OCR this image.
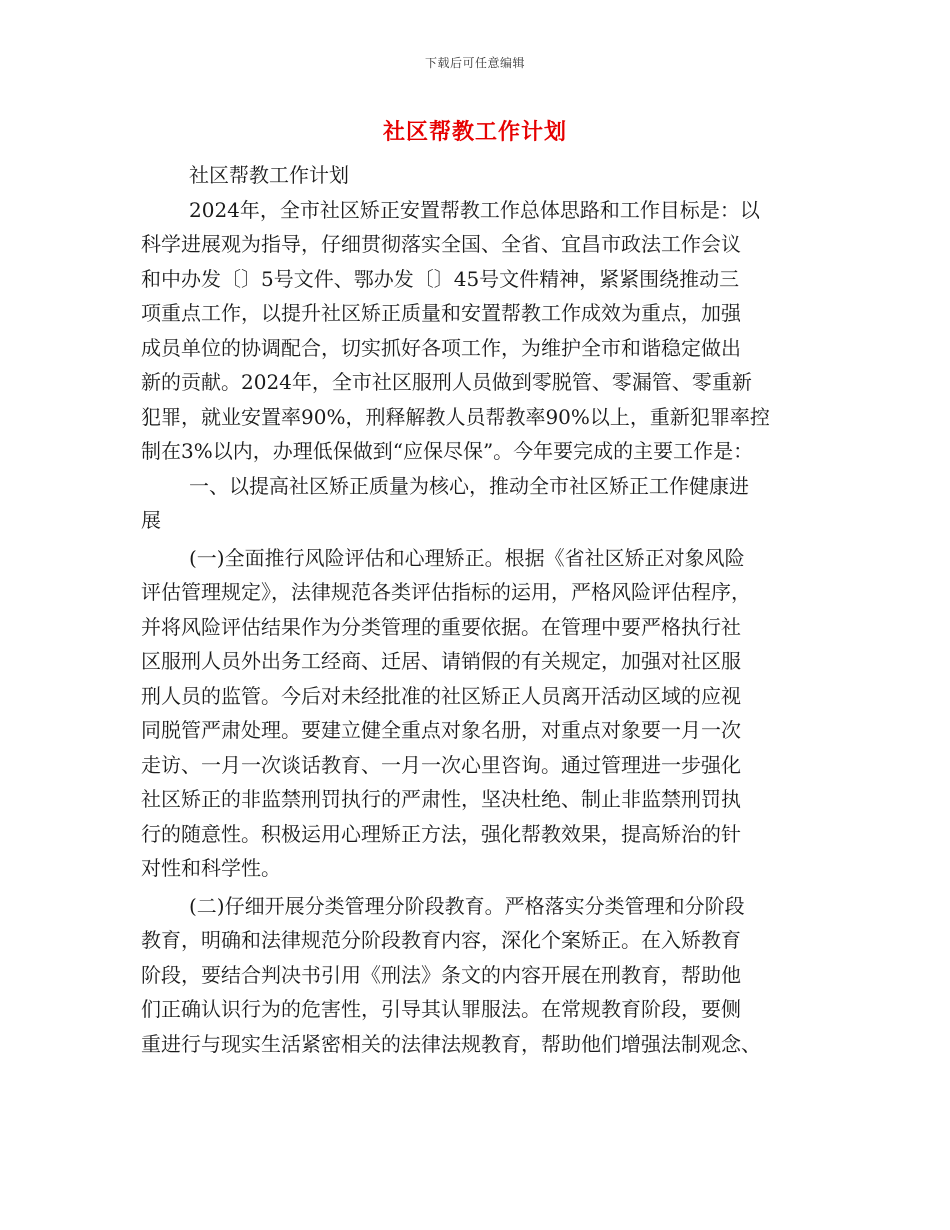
下载后可任意编辑
社区帮教工作计划
社区帮教工作计划
2024年，全市社区矫正安置帮教工作总体思路和工作目标是：以
科学进展观为指导，仔细贯彻落实全国、全省、宜昌市政法工作会议
和中办发〔〕5号文件、鄂办发〔〕45号文件精神，紧紧围绕推动三
项重点工作，以提升社区矫正质量和安置帮教工作成效为重点，加强
成员单位的协调配合，切实抓好各项工作，为维护全市和谐稳定做出
新的贡献。2024年，全市社区服刑人员做到零脱管、零漏管、零重新
犯罪，就业安置率90%，刑释解教人员帮教率90%以上，重新犯罪率控
制在3%以内，办理低保做到“应保尽保”。今年要完成的主要工作是：
一、以提高社区矫正质量为核心，推动全市社区矫正工作健康进
展
(一)全面推行风险评估和心理矫正。根据《省社区矫正对象风险
评估管理规定》，法律规范各类评估指标的运用，严格风险评估程序，
并将风险评估结果作为分类管理的重要依据。在管理中要严格执行社
区服刑人员外出务工经商、迁居、请销假的有关规定，加强对社区服
刑人员的监管。今后对未经批准的社区矫正人员离开活动区域的应视
同脱管严肃处理。要建立健全重点对象名册，对重点对象要一月一次
走访、一月一次谈话教育、一月一次心里咨询。通过管理进一步强化
社区矫正的非监禁刑罚执行的严肃性，坚决杜绝、制止非监禁刑罚执
行的随意性。积极运用心理矫正方法，强化帮教效果，提高矫治的针
对性和科学性。
(二)仔细开展分类管理分阶段教育。严格落实分类管理和分阶段
教育，明确和法律规范分阶段教育内容，深化个案矫正。在入矫教育
阶段，要结合判决书引用《刑法》条文的内容开展在刑教育，帮助他
们正确认识行为的危害性，引导其认罪服法。在常规教育阶段，要侧
重进行与现实生活紧密相关的法律法规教育，帮助他们增强法制观念、
